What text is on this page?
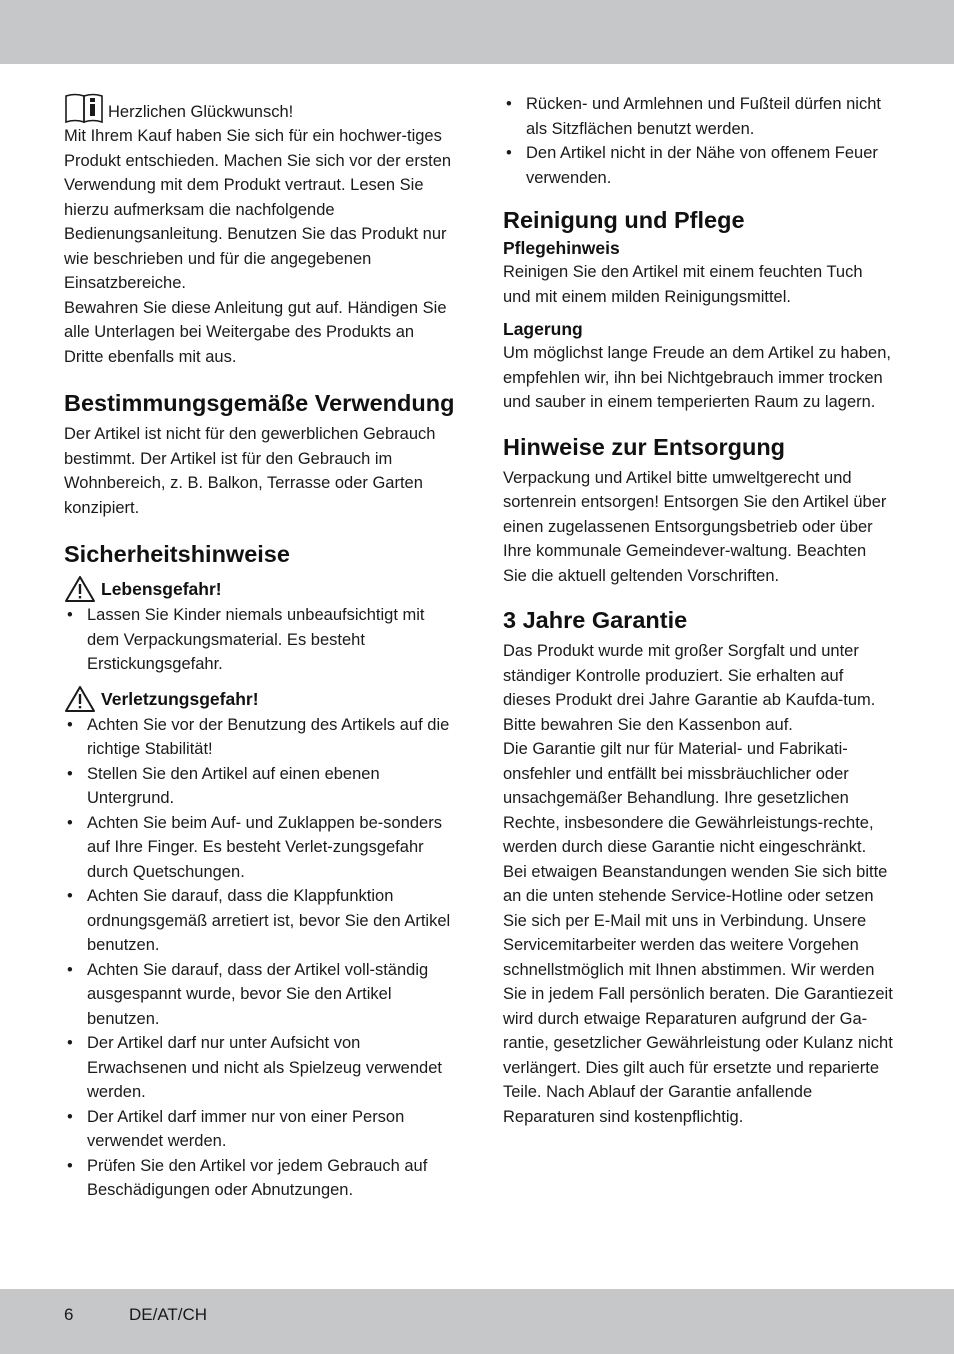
Herzlichen Glückwunsch!

Mit Ihrem Kauf haben Sie sich für ein hochwer-tiges Produkt entschieden. Machen Sie sich vor der ersten Verwendung mit dem Produkt vertraut. Lesen Sie hierzu aufmerksam die nachfolgende Bedienungsanleitung. Benutzen Sie das Produkt nur wie beschrieben und für die angegebenen Einsatzbereiche.

Bewahren Sie diese Anleitung gut auf. Händigen Sie alle Unterlagen bei Weitergabe des Produkts an Dritte ebenfalls mit aus.

Bestimmungsgemäße Verwendung

Der Artikel ist nicht für den gewerblichen Gebrauch bestimmt. Der Artikel ist für den Gebrauch im Wohnbereich, z. B. Balkon, Terrasse oder Garten konzipiert.

Sicherheitshinweise
Lebensgefahr!
• Lassen Sie Kinder niemals unbeaufsichtigt mit dem Verpackungsmaterial. Es besteht Erstickungsgefahr.
Verletzungsgefahr!
• Achten Sie vor der Benutzung des Artikels auf die richtige Stabilität!
• Stellen Sie den Artikel auf einen ebenen Untergrund.
• Achten Sie beim Auf- und Zuklappen be-sonders auf Ihre Finger. Es besteht Verlet-zungsgefahr durch Quetschungen.
• Achten Sie darauf, dass die Klappfunktion ordnungsgemäß arretiert ist, bevor Sie den Artikel benutzen.
• Achten Sie darauf, dass der Artikel voll-ständig ausgespannt wurde, bevor Sie den Artikel benutzen.
• Der Artikel darf nur unter Aufsicht von Erwachsenen und nicht als Spielzeug verwendet werden.
• Der Artikel darf immer nur von einer Person verwendet werden.
• Prüfen Sie den Artikel vor jedem Gebrauch auf Beschädigungen oder Abnutzungen.
• Rücken- und Armlehnen und Fußteil dürfen nicht als Sitzflächen benutzt werden.
• Den Artikel nicht in der Nähe von offenem Feuer verwenden.
Reinigung und Pflege
Pflegehinweis

Reinigen Sie den Artikel mit einem feuchten Tuch und mit einem milden Reinigungsmittel.

Lagerung

Um möglichst lange Freude an dem Artikel zu haben, empfehlen wir, ihn bei Nichtgebrauch immer trocken und sauber in einem temperierten Raum zu lagern.

Hinweise zur Entsorgung

Verpackung und Artikel bitte umweltgerecht und sortenrein entsorgen! Entsorgen Sie den Artikel über einen zugelassenen Entsorgungsbetrieb oder über Ihre kommunale Gemeindever-waltung. Beachten Sie die aktuell geltenden Vorschriften.

3 Jahre Garantie

Das Produkt wurde mit großer Sorgfalt und unter ständiger Kontrolle produziert. Sie erhalten auf dieses Produkt drei Jahre Garantie ab Kaufda-tum. Bitte bewahren Sie den Kassenbon auf.

Die Garantie gilt nur für Material- und Fabrikati-onsfehler und entfällt bei missbräuchlicher oder unsachgemäßer Behandlung. Ihre gesetzlichen Rechte, insbesondere die Gewährleistungs-rechte, werden durch diese Garantie nicht eingeschränkt. Bei etwaigen Beanstandungen wenden Sie sich bitte an die unten stehende Service-Hotline oder setzen Sie sich per E-Mail mit uns in Verbindung. Unsere Servicemitarbeiter werden das weitere Vorgehen schnellstmöglich mit Ihnen abstimmen. Wir werden Sie in jedem Fall persönlich beraten. Die Garantiezeit wird durch etwaige Reparaturen aufgrund der Ga-rantie, gesetzlicher Gewährleistung oder Kulanz nicht verlängert. Dies gilt auch für ersetzte und reparierte Teile. Nach Ablauf der Garantie anfallende Reparaturen sind kostenpflichtig.

6	DE/AT/CH
